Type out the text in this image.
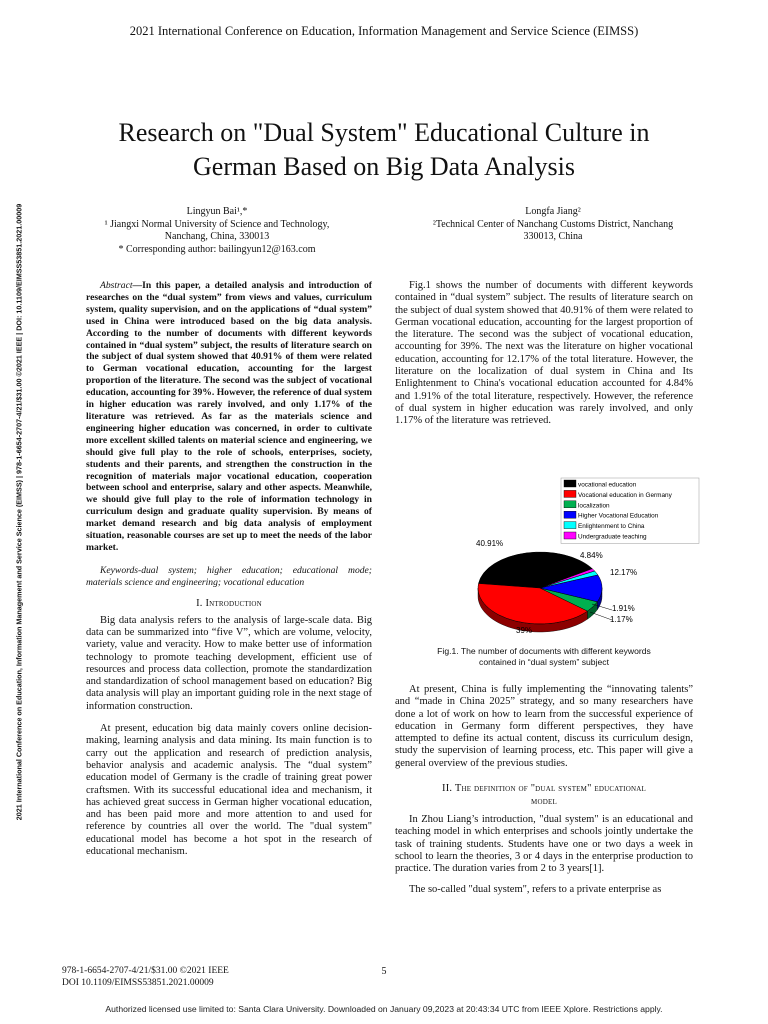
2021 International Conference on Education, Information Management and Service Science (EIMSS)
2021 International Conference on Education, Information Management and Service Science (EIMSS) | 978-1-6654-2707-4/21/$31.00 ©2021 IEEE | DOI: 10.1109/EIMSS53851.2021.00009
Research on "Dual System" Educational Culture in
German Based on Big Data Analysis
Lingyun Bai¹,*
¹ Jiangxi Normal University of Science and Technology,
Nanchang, China, 330013
* Corresponding author: bailingyun12@163.com
Longfa Jiang²
²Technical Center of Nanchang Customs District, Nanchang
330013, China

Abstract—In this paper, a detailed analysis and introduction of researches on the “dual system” from views and values, curriculum system, quality supervision, and on the applications of “dual system” used in China were introduced based on the big data analysis. According to the number of documents with different keywords contained in “dual system” subject, the results of literature search on the subject of dual system showed that 40.91% of them were related to German vocational education, accounting for the largest proportion of the literature. The second was the subject of vocational education, accounting for 39%. However, the reference of dual system in higher education was rarely involved, and only 1.17% of the literature was retrieved. As far as the materials science and engineering higher education was concerned, in order to cultivate more excellent skilled talents on material science and engineering, we should give full play to the role of schools, enterprises, society, students and their parents, and strengthen the construction in the recognition of materials major vocational education, cooperation between school and enterprise, salary and other aspects. Meanwhile, we should give full play to the role of information technology in curriculum design and graduate quality supervision. By means of market demand research and big data analysis of employment situation, reasonable courses are set up to meet the needs of the labor market.

Keywords-dual system; higher education; educational mode; materials science and engineering; vocational education

I. Introduction

Big data analysis refers to the analysis of large-scale data. Big data can be summarized into “five V”, which are volume, velocity, variety, value and veracity. How to make better use of information technology to promote teaching development, efficient use of resources and process data collection, promote the standardization and standardization of school management based on education? Big data analysis will play an important guiding role in the next stage of information construction.

At present, education big data mainly covers online decision-making, learning analysis and data mining. Its main function is to carry out the application and research of prediction analysis, behavior analysis and academic analysis. The “dual system” education model of Germany is the cradle of training great power craftsmen. With its successful educational idea and mechanism, it has achieved great success in German higher vocational education, and has been paid more and more attention to and used for reference by countries all over the world. The "dual system" educational model has become a hot spot in the research of educational mechanism.

Fig.1 shows the number of documents with different keywords contained in “dual system” subject. The results of literature search on the subject of dual system showed that 40.91% of them were related to German vocational education, accounting for the largest proportion of the literature. The second was the subject of vocational education, accounting for 39%. The next was the literature on higher vocational education, accounting for 12.17% of the total literature. However, the literature on the localization of dual system in China and Its Enlightenment to China's vocational education accounted for 4.84% and 1.91% of the total literature, respectively. However, the reference of dual system in higher education was rarely involved, and only 1.17% of the literature was retrieved.

39%
40.91%
4.84%
12.17%
1.91%
1.17%
vocational education
Vocational education in Germany
localization
Higher Vocational Education
Enlightenment to China
Undergraduate teaching
Fig.1. The number of documents with different keywords
contained in “dual system” subject

At present, China is fully implementing the “innovating talents” and “made in China 2025” strategy, and so many researchers have done a lot of work on how to learn from the successful experience of education in Germany form different perspectives, they have attempted to define its actual content, discuss its curriculum design, study the supervision of learning process, etc. This paper will give a general overview of the previous studies.

II. The definition of "dual system" educational
model

In Zhou Liang’s introduction, "dual system" is an educational and teaching model in which enterprises and schools jointly undertake the task of training students. Students have one or two days a week in school to learn the theories, 3 or 4 days in the enterprise production to practice. The duration varies from 2 to 3 years[1].

The so-called "dual system", refers to a private enterprise as

978-1-6654-2707-4/21/$31.00 ©2021 IEEE
DOI 10.1109/EIMSS53851.2021.00009
5
Authorized licensed use limited to: Santa Clara University. Downloaded on January 09,2023 at 20:43:34 UTC from IEEE Xplore. Restrictions apply.
